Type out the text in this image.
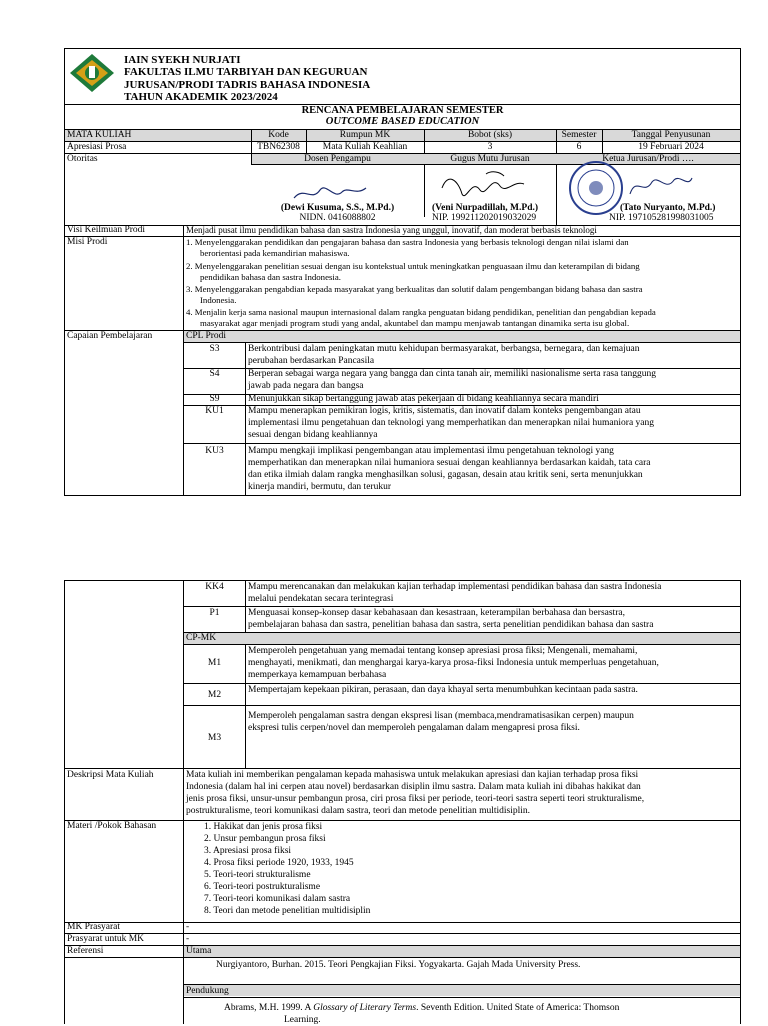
IAIN SYEKH NURJATI
FAKULTAS ILMU TARBIYAH DAN KEGURUAN
JURUSAN/PRODI TADRIS BAHASA INDONESIA
TAHUN AKADEMIK 2023/2024
RENCANA PEMBELAJARAN SEMESTER
OUTCOME BASED EDUCATION
MATA KULIAH	Kode	Rumpun MK	Bobot (sks)	Semester	Tanggal Penyusunan
Apresiasi Prosa	TBN62308	Mata Kuliah Keahlian	3	6	19 Februari 2024
Otoritas	Dosen Pengampu	Gugus Mutu Jurusan	Ketua Jurusan/Prodi ….
(Dewi Kusuma, S.S., M.Pd.)	(Veni Nurpadillah, M.Pd.)	(Tato Nuryanto, M.Pd.)
NIDN. 0416088802	NIP. 199211202019032029	NIP. 197105281998031005
Visi Keilmuan Prodi	Menjadi pusat ilmu pendidikan bahasa dan sastra Indonesia yang unggul, inovatif, dan moderat berbasis teknologi
Misi Prodi	1. Menyelenggarakan pendidikan dan pengajaran bahasa dan sastra Indonesia yang berbasis teknologi dengan nilai islami dan
berorientasi pada kemandirian mahasiswa.
2. Menyelenggarakan penelitian sesuai dengan isu kontekstual untuk meningkatkan penguasaan ilmu dan keterampilan di bidang
pendidikan bahasa dan sastra Indonesia.
3. Menyelenggarakan pengabdian kepada masyarakat yang berkualitas dan solutif dalam pengembangan bidang bahasa dan sastra
Indonesia.
4. Menjalin kerja sama nasional maupun internasional dalam rangka penguatan bidang pendidikan, penelitian dan pengabdian kepada
masyarakat agar menjadi program studi yang andal, akuntabel dan mampu menjawab tantangan dinamika serta isu global.
Capaian Pembelajaran	CPL Prodi
S3	Berkontribusi dalam peningkatan mutu kehidupan bermasyarakat, berbangsa, bernegara, dan kemajuan
perubahan berdasarkan Pancasila
S4	Berperan sebagai warga negara yang bangga dan cinta tanah air, memiliki nasionalisme serta rasa tanggung
jawab pada negara dan bangsa
S9	Menunjukkan sikap bertanggung jawab atas pekerjaan di bidang keahliannya secara mandiri
KU1	Mampu menerapkan pemikiran logis, kritis, sistematis, dan inovatif dalam konteks pengembangan atau
implementasi ilmu pengetahuan dan teknologi yang memperhatikan dan menerapkan nilai humaniora yang
sesuai dengan bidang keahliannya
KU3	Mampu mengkaji implikasi pengembangan atau implementasi ilmu pengetahuan teknologi yang
memperhatikan dan menerapkan nilai humaniora sesuai dengan keahliannya berdasarkan kaidah, tata cara
dan etika ilmiah dalam rangka menghasilkan solusi, gagasan, desain atau kritik seni, serta menunjukkan
kinerja mandiri, bermutu, dan terukur
KK4	Mampu merencanakan dan melakukan kajian terhadap implementasi pendidikan bahasa dan sastra Indonesia
melalui pendekatan secara terintegrasi
P1	Menguasai konsep-konsep dasar kebahasaan dan kesastraan, keterampilan berbahasa dan bersastra,
pembelajaran bahasa dan sastra, penelitian bahasa dan sastra, serta penelitian pendidikan bahasa dan sastra
CP-MK
M1
Memperoleh pengetahuan yang memadai tentang konsep apresiasi prosa fiksi; Mengenali, memahami,
menghayati, menikmati, dan menghargai karya-karya prosa-fiksi Indonesia untuk memperluas pengetahuan,
memperkaya kemampuan berbahasa
M2	Mempertajam kepekaan pikiran, perasaan, dan daya khayal serta menumbuhkan kecintaan pada sastra.
M3
Memperoleh pengalaman sastra dengan ekspresi lisan (membaca,mendramatisasikan cerpen) maupun
ekspresi tulis cerpen/novel dan memperoleh pengalaman dalam mengapresi prosa fiksi.
Deskripsi Mata Kuliah	Mata kuliah ini memberikan pengalaman kepada mahasiswa untuk melakukan apresiasi dan kajian terhadap prosa fiksi
Indonesia (dalam hal ini cerpen atau novel) berdasarkan disiplin ilmu sastra. Dalam mata kuliah ini dibahas hakikat dan
jenis prosa fiksi, unsur-unsur pembangun prosa, ciri prosa fiksi per periode, teori-teori sastra seperti teori strukturalisme,
postrukturalisme, teori komunikasi dalam sastra, teori dan metode penelitian multidisiplin.
Materi /Pokok Bahasan	1. Hakikat dan jenis prosa fiksi
2. Unsur pembangun prosa fiksi
3. Apresiasi prosa fiksi
4. Prosa fiksi periode 1920, 1933, 1945
5. Teori-teori strukturalisme
6. Teori-teori postrukturalisme
7. Teori-teori komunikasi dalam sastra
8. Teori dan metode penelitian multidisiplin
MK Prasyarat	-
Prasyarat untuk MK	-
Referensi	Utama
Nurgiyantoro, Burhan. 2015. Teori Pengkajian Fiksi. Yogyakarta. Gajah Mada University Press.
Pendukung
Abrams, M.H. 1999. A Glossary of Literary Terms. Seventh Edition. United State of America: Thomson
Learning.
